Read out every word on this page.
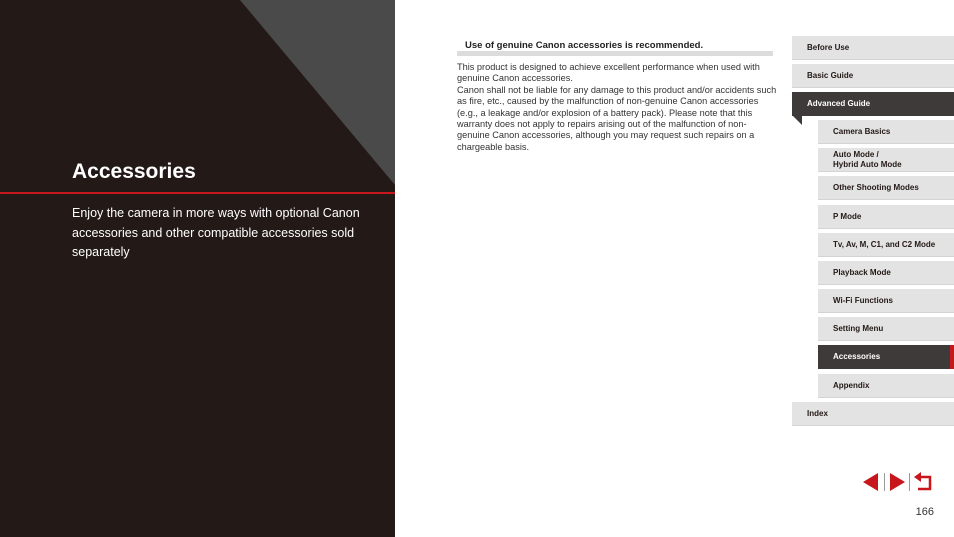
Accessories
Enjoy the camera in more ways with optional Canon accessories and other compatible accessories sold separately
Use of genuine Canon accessories is recommended.

This product is designed to achieve excellent performance when used with genuine Canon accessories.

Canon shall not be liable for any damage to this product and/or accidents such as fire, etc., caused by the malfunction of non-genuine Canon accessories (e.g., a leakage and/or explosion of a battery pack). Please note that this warranty does not apply to repairs arising out of the malfunction of non-genuine Canon accessories, although you may request such repairs on a chargeable basis.

Before Use
Basic Guide
Advanced Guide
Camera Basics
Auto Mode /
Hybrid Auto Mode
Other Shooting Modes
P Mode
Tv, Av, M, C1, and C2 Mode
Playback Mode
Wi-Fi Functions
Setting Menu
Accessories
Appendix
Index
166
